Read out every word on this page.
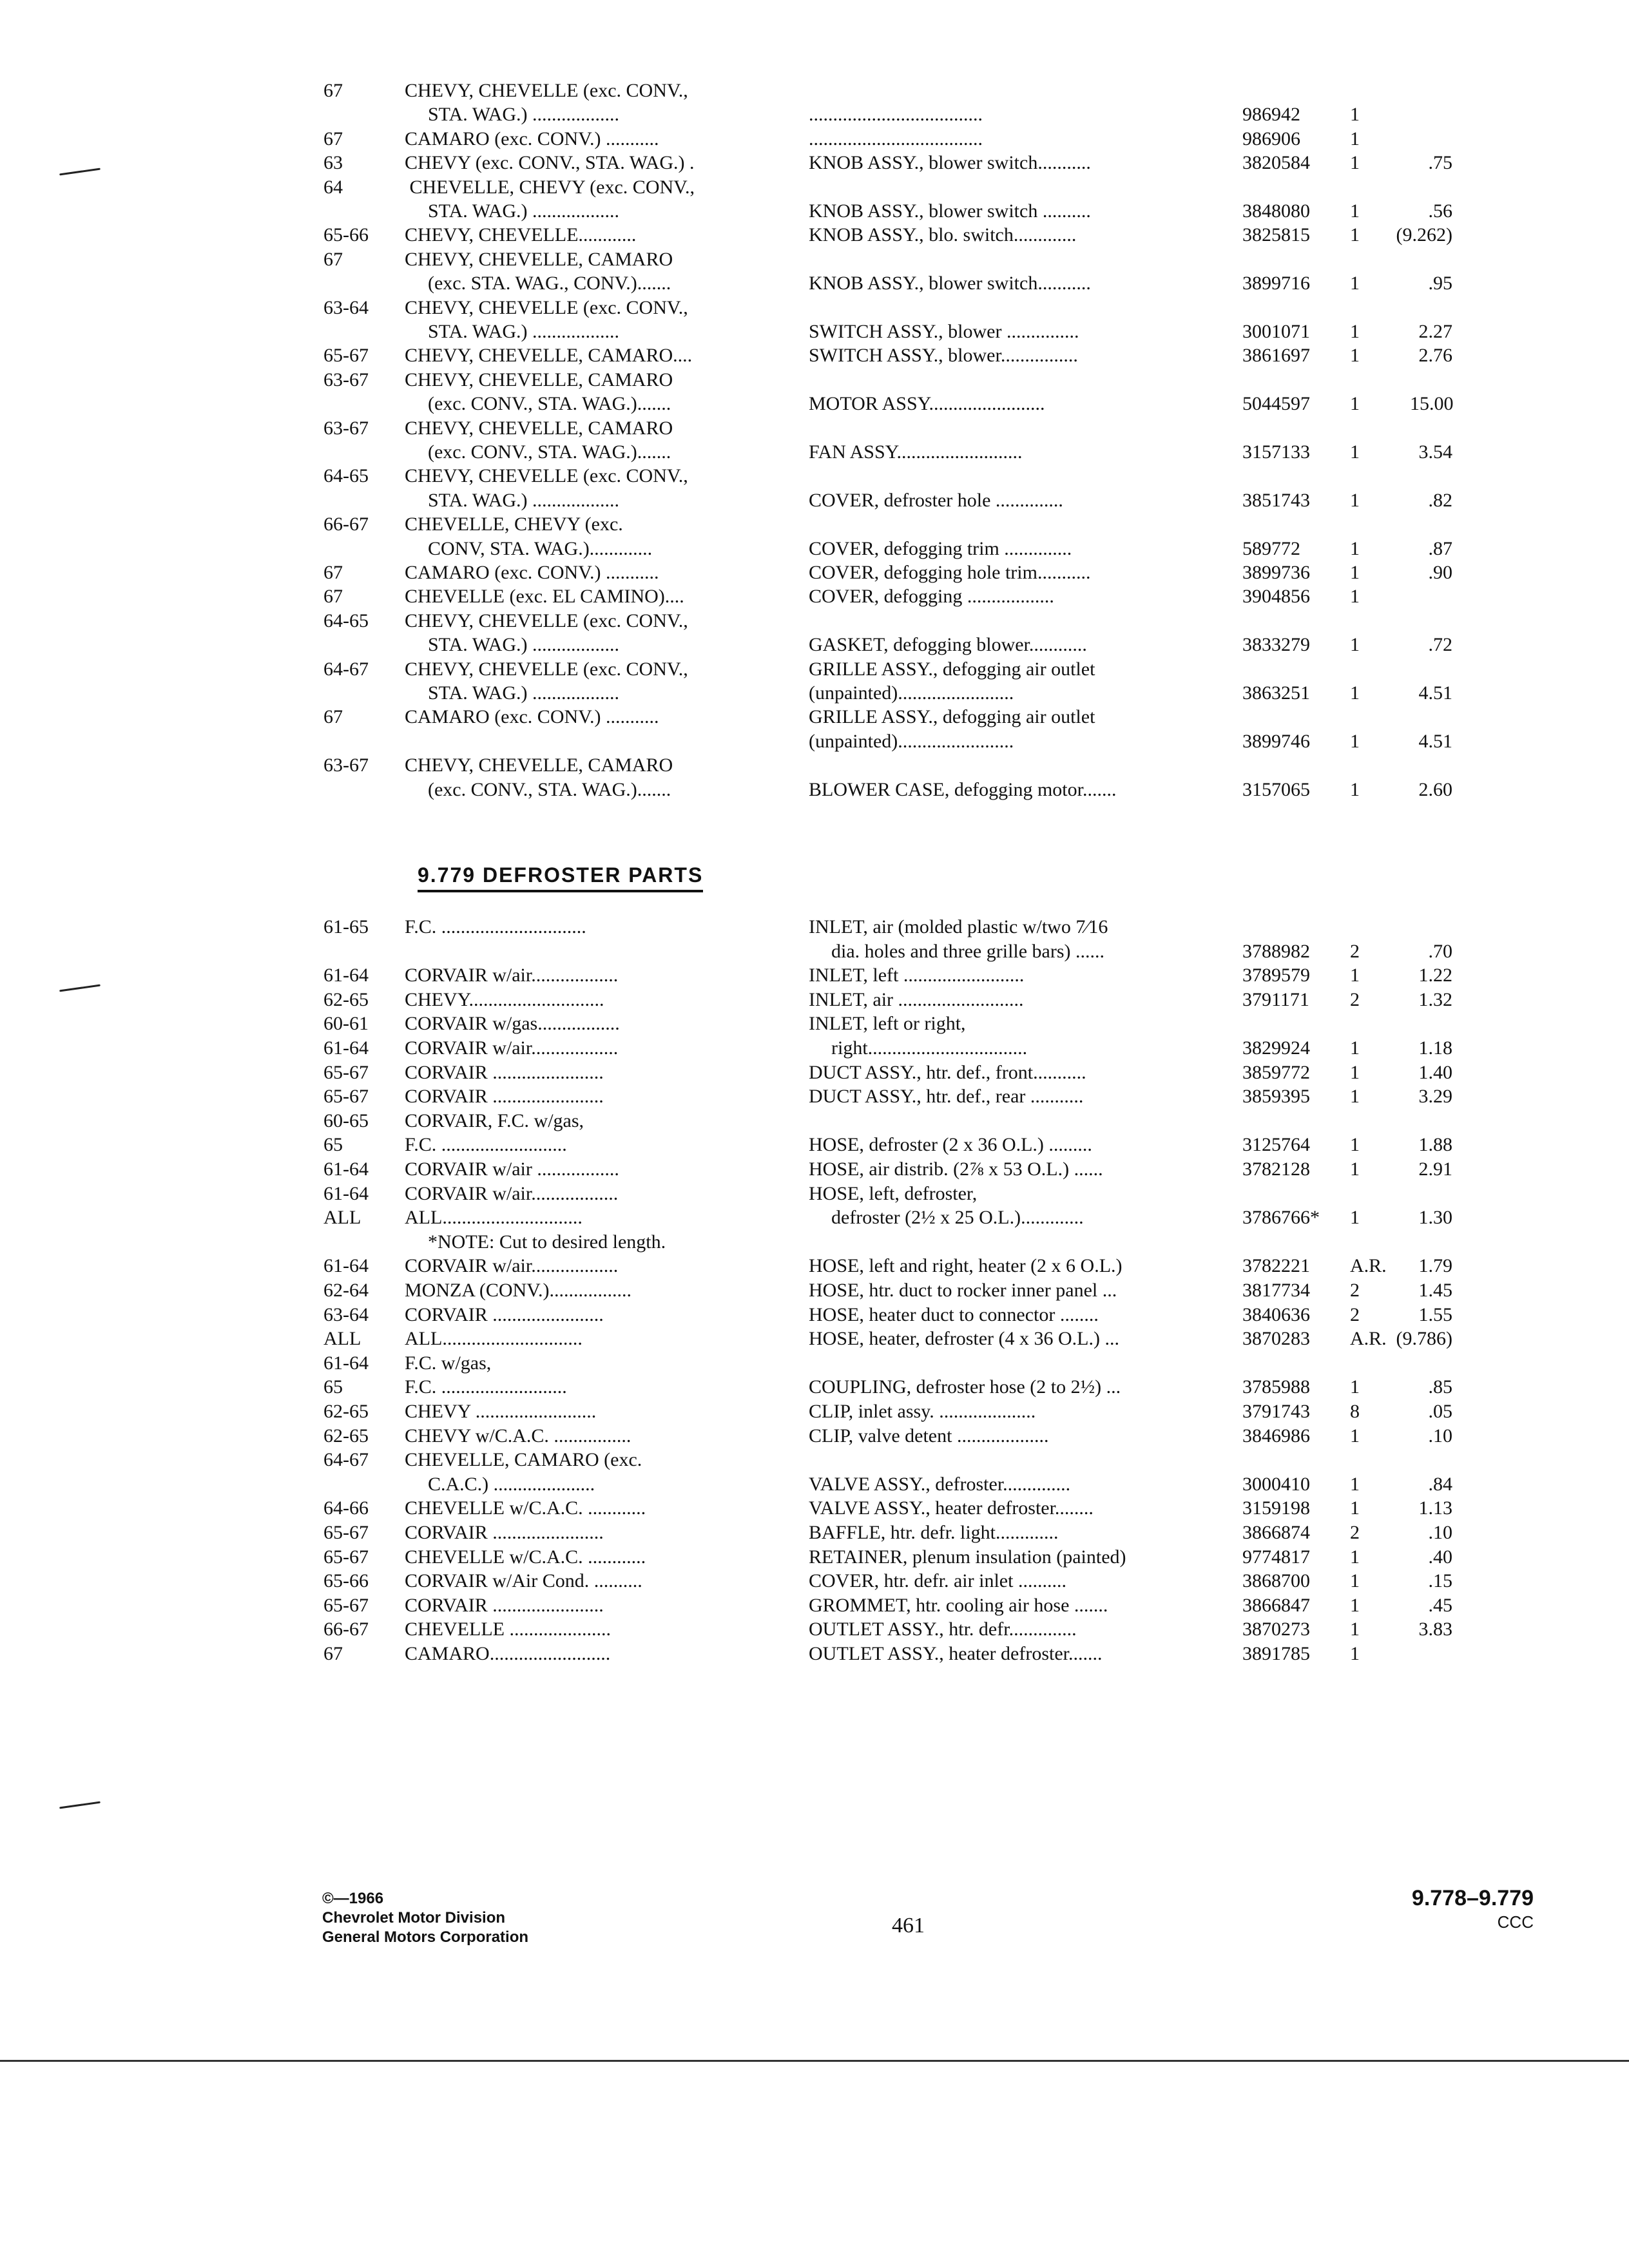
67	CHEVY, CHEVELLE (exc. CONV.,
STA. WAG.) ..................	....................................	986942	1
67	CAMARO (exc. CONV.) ...........	....................................	986906	1
63	CHEVY (exc. CONV., STA. WAG.) .	KNOB ASSY., blower switch...........	3820584 1	.75
64	CHEVELLE, CHEVY (exc. CONV.,
STA. WAG.) ..................	KNOB ASSY., blower switch ..........	3848080 1	.56
65-66 CHEVY, CHEVELLE............	KNOB ASSY., blo. switch.............	3825815 1	(9.262)
67	CHEVY, CHEVELLE, CAMARO
(exc. STA. WAG., CONV.).......	KNOB ASSY., blower switch...........	3899716 1	.95
63-64 CHEVY, CHEVELLE (exc. CONV.,
STA. WAG.) ..................	SWITCH ASSY., blower ...............	3001071 1	2.27
65-67 CHEVY, CHEVELLE, CAMARO....	SWITCH ASSY., blower................	3861697 1	2.76
63-67 CHEVY, CHEVELLE, CAMARO
(exc. CONV., STA. WAG.).......	MOTOR ASSY........................	5044597 1	15.00
63-67 CHEVY, CHEVELLE, CAMARO
(exc. CONV., STA. WAG.).......	FAN ASSY..........................	3157133 1	3.54
64-65 CHEVY, CHEVELLE (exc. CONV.,
STA. WAG.) ..................	COVER, defroster hole ..............	3851743 1	.82
66-67 CHEVELLE, CHEVY (exc.
CONV, STA. WAG.).............	COVER, defogging trim ..............	589772	1	.87
67	CAMARO (exc. CONV.) ...........	COVER, defogging hole trim...........	3899736 1	.90
67	CHEVELLE (exc. EL CAMINO)....	COVER, defogging ..................	3904856 1
64-65 CHEVY, CHEVELLE (exc. CONV.,
STA. WAG.) ..................	GASKET, defogging blower............	3833279 1	.72
64-67 CHEVY, CHEVELLE (exc. CONV.,	GRILLE ASSY., defogging air outlet
STA. WAG.) ..................	(unpainted)........................	3863251 1	4.51
67	CAMARO (exc. CONV.) ...........	GRILLE ASSY., defogging air outlet
(unpainted)........................	3899746 1	4.51
63-67 CHEVY, CHEVELLE, CAMARO
(exc. CONV., STA. WAG.).......	BLOWER CASE, defogging motor.......	3157065 1	2.60
9.779 DEFROSTER PARTS
61-65 F.C. ..............................	INLET, air (molded plastic w/two 7⁄16
dia. holes and three grille bars) ......	3788982 2	.70
61-64 CORVAIR w/air..................	INLET, left .........................	3789579 1	1.22
62-65 CHEVY............................	INLET, air ..........................	3791171 2	1.32
60-61 CORVAIR w/gas.................	INLET, left or right,
61-64 CORVAIR w/air..................	right.................................	3829924 1	1.18
65-67 CORVAIR .......................	DUCT ASSY., htr. def., front...........	3859772 1	1.40
65-67 CORVAIR .......................	DUCT ASSY., htr. def., rear ...........	3859395 1	3.29
60-65 CORVAIR, F.C. w/gas,
65	F.C. ..........................	HOSE, defroster (2 x 36 O.L.) .........	3125764 1	1.88
61-64 CORVAIR w/air .................	HOSE, air distrib. (2⅞ x 53 O.L.) ......	3782128 1	2.91
61-64 CORVAIR w/air..................	HOSE, left, defroster,
ALL ALL.............................	defroster (2½ x 25 O.L.).............	3786766* 1	1.30
*NOTE: Cut to desired length.
61-64 CORVAIR w/air..................	HOSE, left and right, heater (2 x 6 O.L.)	3782221 A.R.	1.79
62-64 MONZA (CONV.).................	HOSE, htr. duct to rocker inner panel ...	3817734 2	1.45
63-64 CORVAIR .......................	HOSE, heater duct to connector ........	3840636 2	1.55
ALL ALL.............................	HOSE, heater, defroster (4 x 36 O.L.) ...	3870283 A.R. (9.786)
61-64 F.C. w/gas,
65	F.C. ..........................	COUPLING, defroster hose (2 to 2½) ...	3785988 1	.85
62-65 CHEVY .........................	CLIP, inlet assy. ....................	3791743 8	.05
62-65 CHEVY w/C.A.C. ................	CLIP, valve detent ...................	3846986 1	.10
64-67 CHEVELLE, CAMARO (exc.
C.A.C.) .....................	VALVE ASSY., defroster..............	3000410 1	.84
64-66 CHEVELLE w/C.A.C. ............	VALVE ASSY., heater defroster........	3159198 1	1.13
65-67 CORVAIR .......................	BAFFLE, htr. defr. light.............	3866874 2	.10
65-67 CHEVELLE w/C.A.C. ............	RETAINER, plenum insulation (painted)	9774817 1	.40
65-66 CORVAIR w/Air Cond. ..........	COVER, htr. defr. air inlet ..........	3868700 1	.15
65-67 CORVAIR .......................	GROMMET, htr. cooling air hose .......	3866847 1	.45
66-67 CHEVELLE .....................	OUTLET ASSY., htr. defr..............	3870273 1	3.83
67	CAMARO.........................	OUTLET ASSY., heater defroster.......	3891785 1
©—1966
Chevrolet Motor Division
General Motors Corporation	461
9.778–9.779
CCC
